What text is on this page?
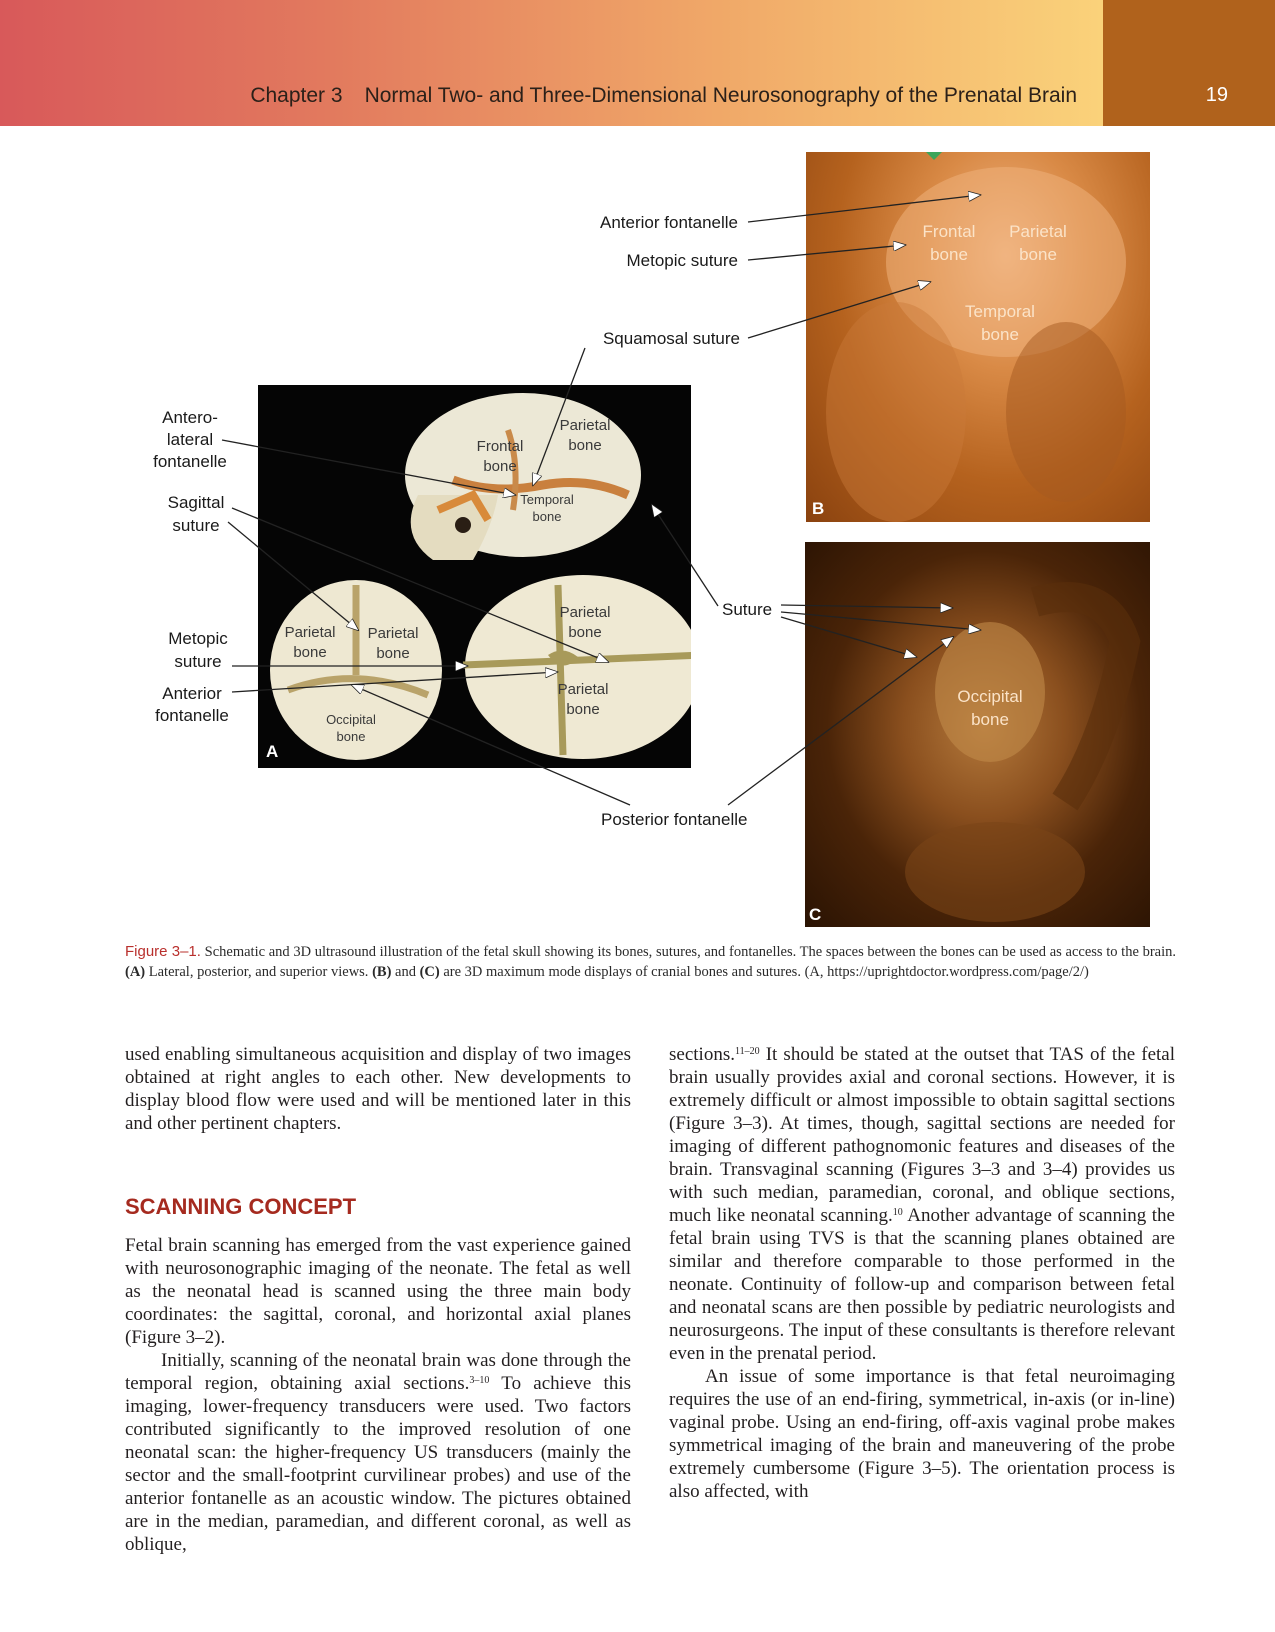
Chapter 3 Normal Two- and Three-Dimensional Neurosonography of the Prenatal Brain	19
Frontal
bone
Parietal
bone
Temporal
bone
Parietal
bone
Parietal
bone
Occipital
bone
Parietal
bone
Parietal
bone
A
Frontal
bone
Parietal
bone
Temporal
bone
B
Occipital
bone
C
Anterior fontanelle
Metopic suture
Squamosal suture
Antero-
lateral
fontanelle
Sagittal
suture
Metopic
suture
Anterior
fontanelle
Suture
Posterior fontanelle
Figure 3–1. Schematic and 3D ultrasound illustration of the fetal skull showing its bones, sutures, and fontanelles. The spaces between the bones can be used as access to the brain. (A) Lateral, posterior, and superior views. (B) and (C) are 3D maximum mode displays of cranial bones and sutures. (A, https://uprightdoctor.wordpress.com/page/2/)

used enabling simultaneous acquisition and display of two images obtained at right angles to each other. New developments to display blood flow were used and will be mentioned later in this and other pertinent chapters.

SCANNING CONCEPT

Fetal brain scanning has emerged from the vast experience gained with neurosonographic imaging of the neonate. The fetal as well as the neonatal head is scanned using the three main body coordinates: the sagittal, coronal, and horizontal axial planes (Figure 3–2).

Initially, scanning of the neonatal brain was done through the temporal region, obtaining axial sections.$^{3-10}$ To achieve this imaging, lower-frequency transducers were used. Two factors contributed significantly to the improved resolution of one neonatal scan: the higher-frequency US transducers (mainly the sector and the small-footprint curvilinear probes) and use of the anterior fontanelle as an acoustic window. The pictures obtained are in the median, paramedian, and different coronal, as well as oblique,

sections.$^{11-20}$ It should be stated at the outset that TAS of the fetal brain usually provides axial and coronal sections. However, it is extremely difficult or almost impossible to obtain sagittal sections (Figure 3–3). At times, though, sagittal sections are needed for imaging of different pathognomonic features and diseases of the brain. Transvaginal scanning (Figures 3–3 and 3–4) provides us with such median, paramedian, coronal, and oblique sections, much like neonatal scanning.$^{10}$ Another advantage of scanning the fetal brain using TVS is that the scanning planes obtained are similar and therefore comparable to those performed in the neonate. Continuity of follow-up and comparison between fetal and neonatal scans are then possible by pediatric neurologists and neurosurgeons. The input of these consultants is therefore relevant even in the prenatal period.

An issue of some importance is that fetal neuroimaging requires the use of an end-firing, symmetrical, in-axis (or in-line) vaginal probe. Using an end-firing, off-axis vaginal probe makes symmetrical imaging of the brain and maneuvering of the probe extremely cumbersome (Figure 3–5). The orientation process is also affected, with
